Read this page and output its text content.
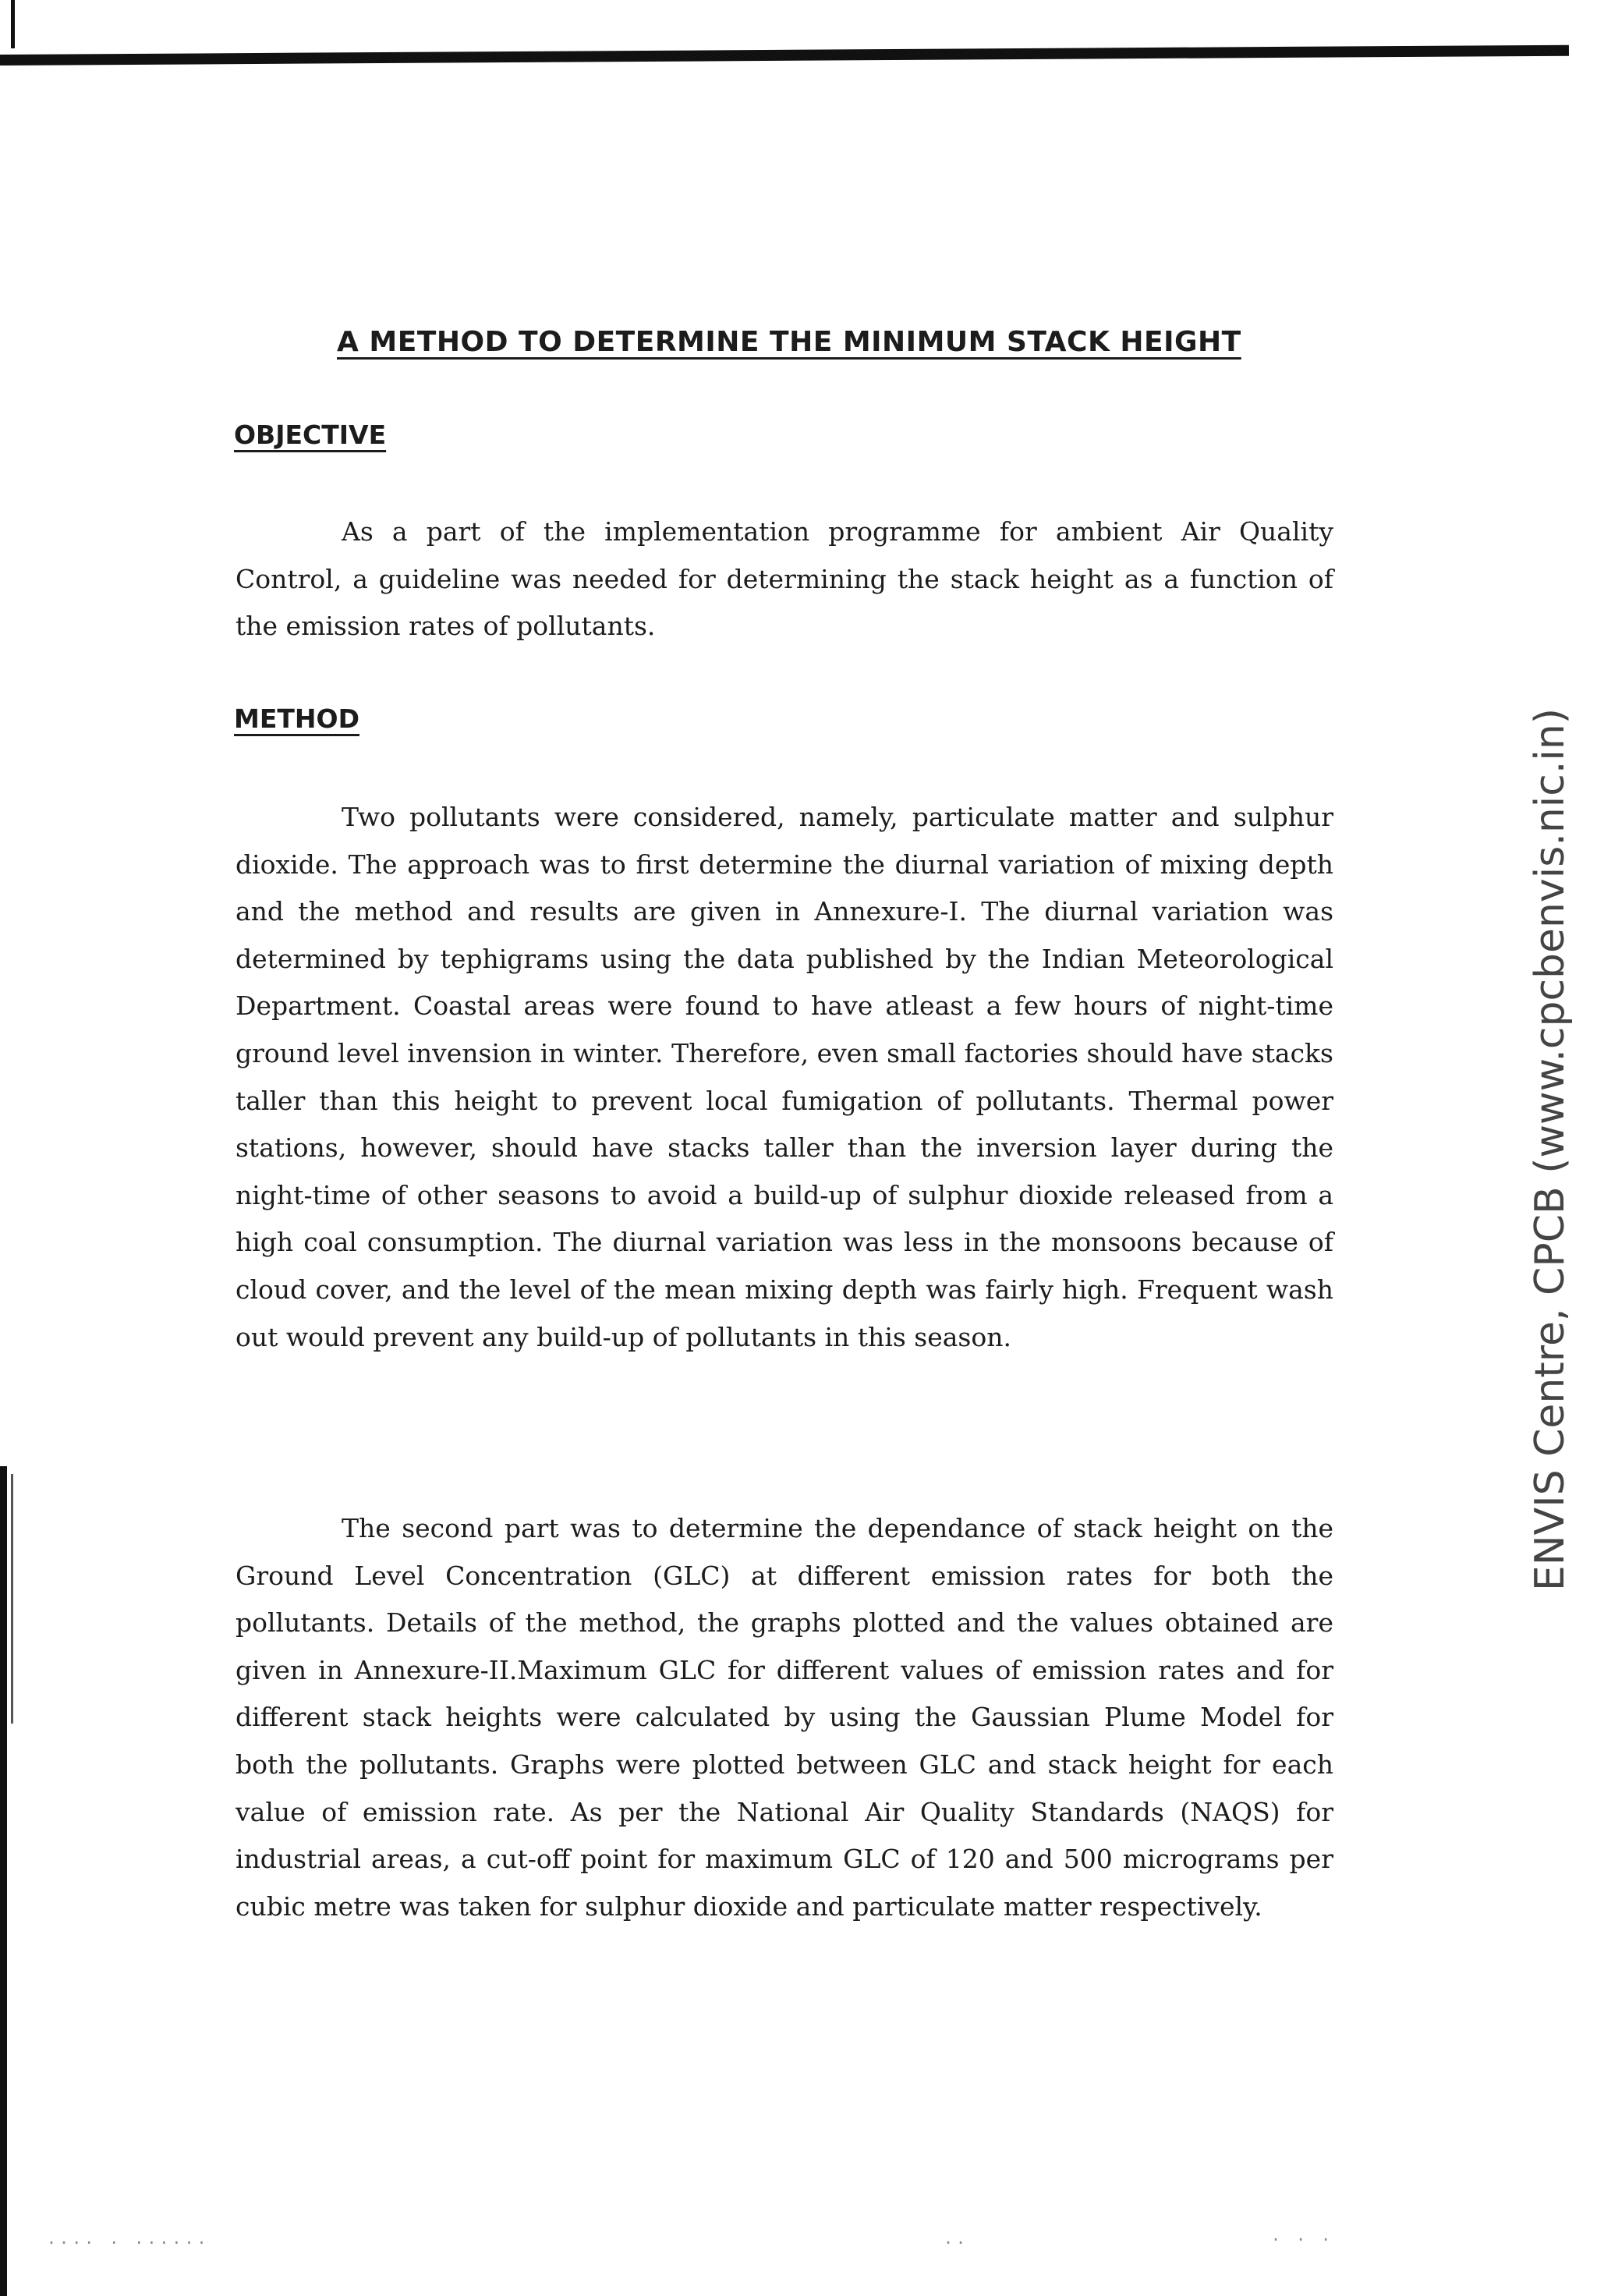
A METHOD TO DETERMINE THE MINIMUM STACK HEIGHT
OBJECTIVE

As a part of the implementation programme for ambient Air Quality Control, a guideline was needed for determining the stack height as a function of the emission rates of pollutants.

METHOD

Two pollutants were considered, namely, particulate matter and sulphur dioxide. The approach was to first determine the diurnal variation of mixing depth and the method and results are given in Annexure-I. The diurnal variation was determined by tephigrams using the data published by the Indian Meteorological Department. Coastal areas were found to have atleast a few hours of night-time ground level invension in winter. Therefore, even small factories should have stacks taller than this height to prevent local fumigation of pollutants. Thermal power stations, however, should have stacks taller than the inversion layer during the night-time of other seasons to avoid a build-up of sulphur dioxide released from a high coal consumption. The diurnal variation was less in the monsoons because of cloud cover, and the level of the mean mixing depth was fairly high. Frequent wash out would prevent any build-up of pollutants in this season.

The second part was to determine the dependance of stack height on the Ground Level Concentration (GLC) at different emission rates for both the pollutants. Details of the method, the graphs plotted and the values obtained are given in Annexure-II.Maximum GLC for different values of emission rates and for different stack heights were calculated by using the Gaussian Plume Model for both the pollutants. Graphs were plotted between GLC and stack height for each value of emission rate. As per the National Air Quality Standards (NAQS) for industrial areas, a cut-off point for maximum GLC of 120 and 500 micrograms per cubic metre was taken for sulphur dioxide and particulate matter respectively.

ENVIS Centre, CPCB (www.cpcbenvis.nic.in)
.... . ......	..	. . .
